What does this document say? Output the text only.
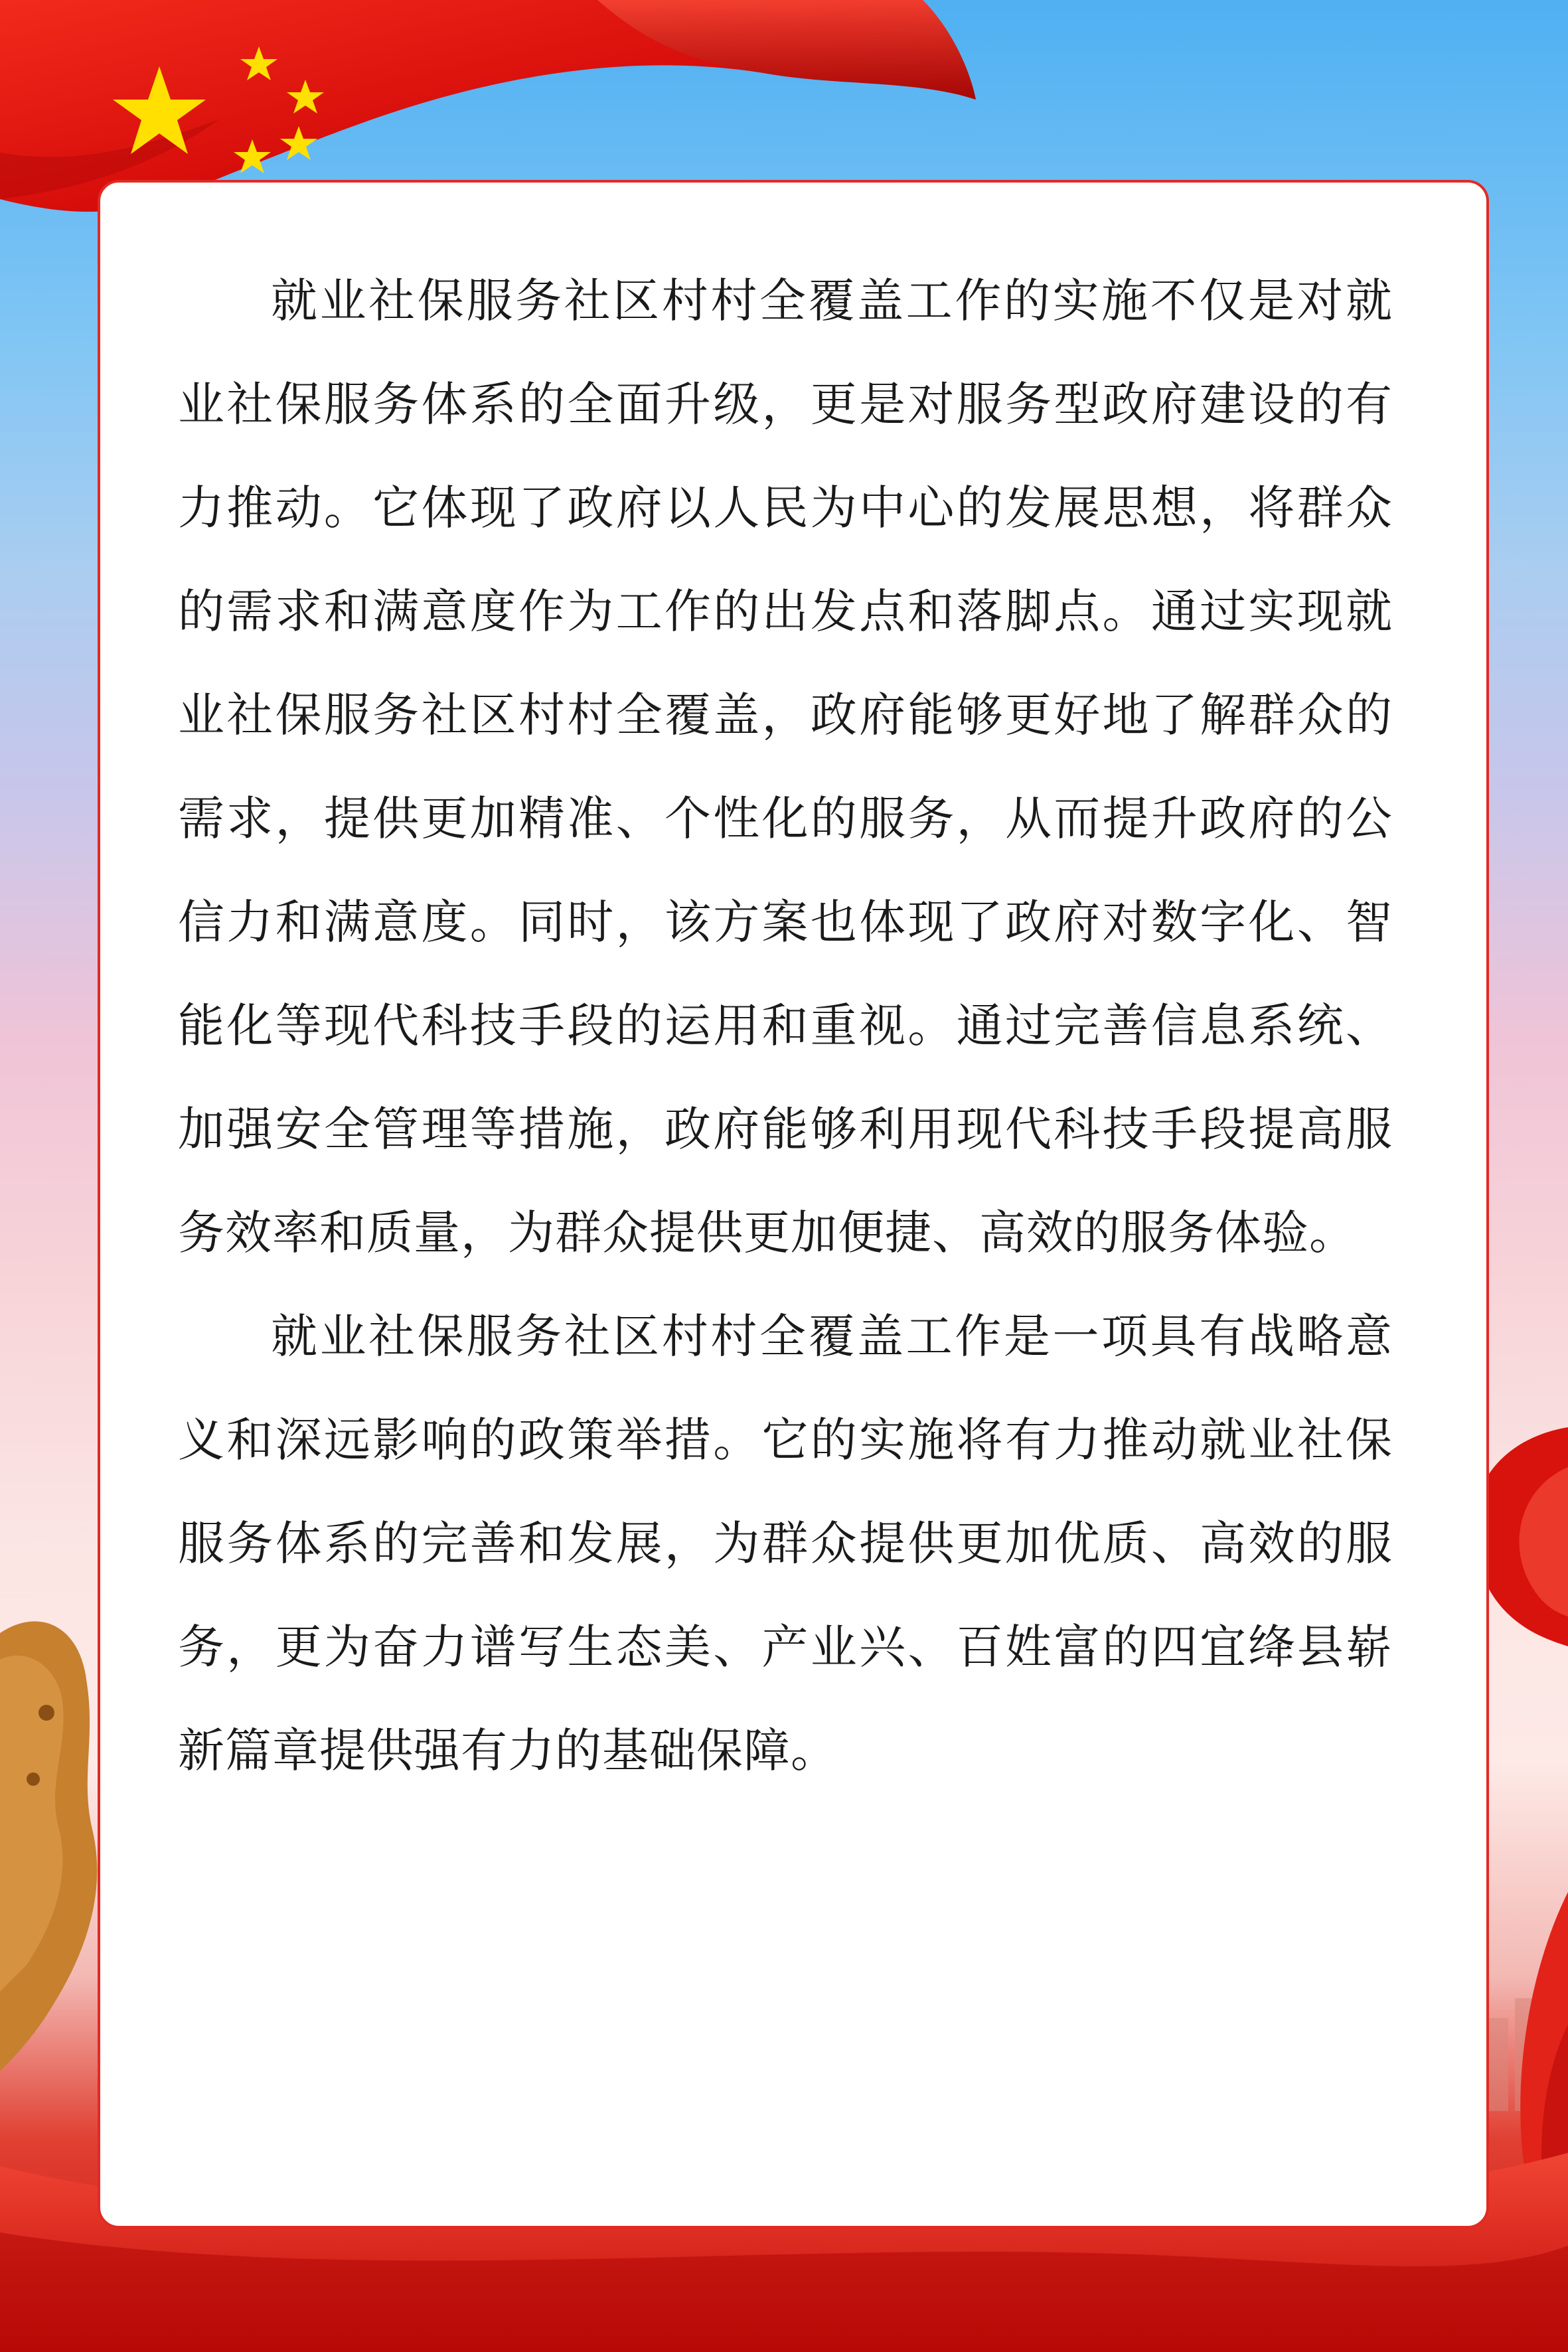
就业社保服务社区村村全覆盖工作的实施不仅是对就业社保服务体系的全面升级，更是对服务型政府建设的有力推动。它体现了政府以人民为中心的发展思想，将群众的需求和满意度作为工作的出发点和落脚点。通过实现就业社保服务社区村村全覆盖，政府能够更好地了解群众的需求，提供更加精准、个性化的服务，从而提升政府的公信力和满意度。同时，该方案也体现了政府对数字化、智能化等现代科技手段的运用和重视。通过完善信息系统、加强安全管理等措施，政府能够利用现代科技手段提高服务效率和质量，为群众提供更加便捷、高效的服务体验。

就业社保服务社区村村全覆盖工作是一项具有战略意义和深远影响的政策举措。它的实施将有力推动就业社保服务体系的完善和发展，为群众提供更加优质、高效的服务，更为奋力谱写生态美、产业兴、百姓富的四宜绛县崭新篇章提供强有力的基础保障。
